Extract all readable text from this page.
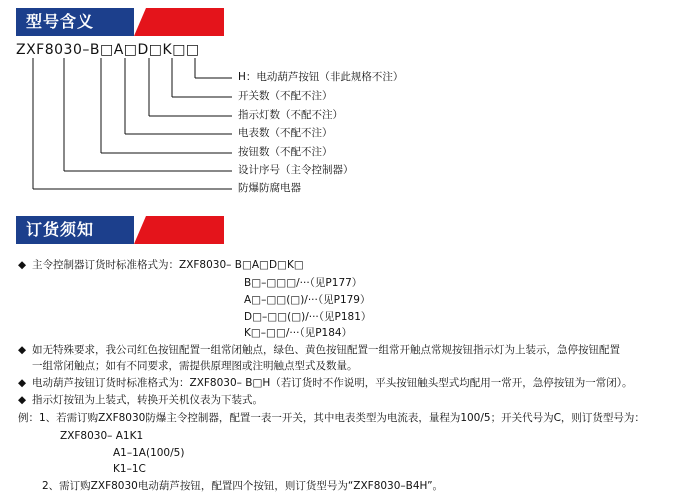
型号含义
ZXF8030–B□A□D□K□□
H：电动葫芦按钮（非此规格不注）
开关数（不配不注）
指示灯数（不配不注）
电表数（不配不注）
按钮数（不配不注）
设计序号（主令控制器）
防爆防腐电器
订货须知
◆ 主令控制器订货时标准格式为：ZXF8030– B□A□D□K□
B□–□□□/···（见P177）
A□–□□(□)/···（见P179）
D□–□□(□)/···（见P181）
K□–□□/···（见P184）
◆ 如无特殊要求，我公司红色按钮配置一组常闭触点，绿色、黄色按钮配置一组常开触点常规按钮指示灯为上装示，急停按钮配置
一组常闭触点；如有不同要求，需提供原理图或注明触点型式及数量。
◆ 电动葫芦按钮订货时标准格式为：ZXF8030– B□H（若订货时不作说明，平头按钮触头型式均配用一常开，急停按钮为一常闭）。
◆ 指示灯按钮为上装式，转换开关机仪表为下装式。
例：1、若需订购ZXF8030防爆主令控制器，配置一表一开关，其中电表类型为电流表，量程为100/5；开关代号为C，则订货型号为：
ZXF8030– A1K1
A1–1A(100/5)
K1–1C
2、需订购ZXF8030电动葫芦按钮，配置四个按钮，则订货型号为“ZXF8030–B4H”。
